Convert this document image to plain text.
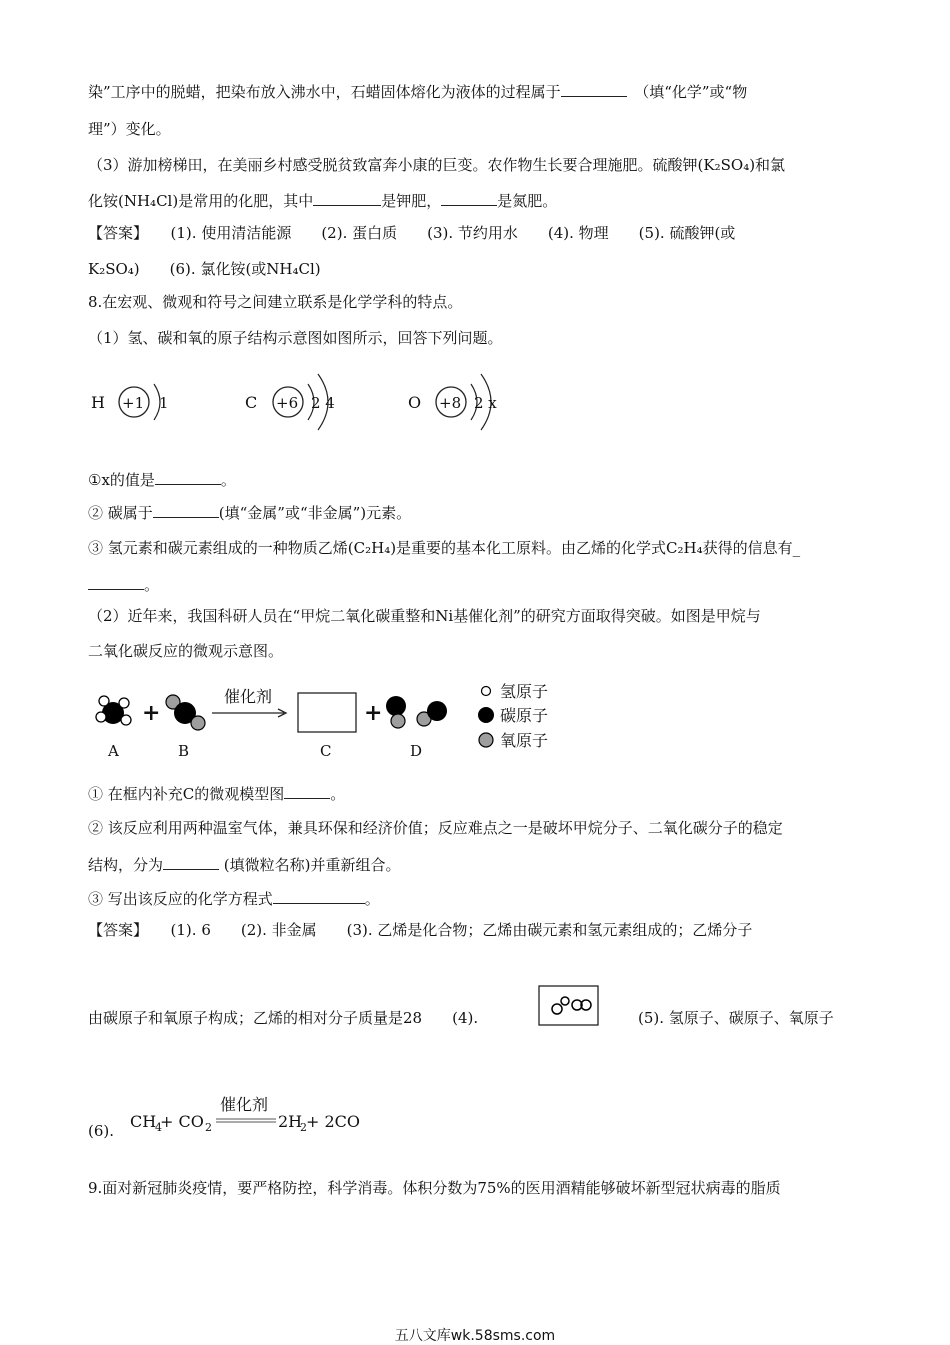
染”工序中的脱蜡，把染布放入沸水中，石蜡固体熔化为液体的过程属于　	（填“化学”或“物
理”）变化。
（3）游加榜梯田，在美丽乡村感受脱贫致富奔小康的巨变。农作物生长要合理施肥。硫酸钾(K₂SO₄)和氯
化铵(NH₄Cl)是常用的化肥，其中	是钾肥，	是氮肥。
【答案】　　 (1). 使用清洁能源　　(2). 蛋白质　　(3). 节约用水　　(4). 物理　　(5). 硫酸钾(或
K₂SO₄)　　(6). 氯化铵(或NH₄Cl)
8.在宏观、微观和符号之间建立联系是化学学科的特点。
（1）氢、碳和氧的原子结构示意图如图所示，回答下列问题。
H +1 1	C +6 2 4	O +8 2 x
①x的值是	。
② 碳属于	(填“金属”或“非金属”)元素。
③ 氢元素和碳元素组成的一种物质乙烯(C₂H₄)是重要的基本化工原料。由乙烯的化学式C₂H₄获得的信息有_
。
（2）近年来，我国科研人员在“甲烷二氧化碳重整和Ni基催化剂”的研究方面取得突破。如图是甲烷与
二氧化碳反应的微观示意图。
A
+
B
催化剂
C
+
D
氢原子
碳原子
氧原子
① 在框内补充C的微观模型图	。
② 该反应利用两种温室气体，兼具环保和经济价值；反应难点之一是破坏甲烷分子、二氧化碳分子的稳定
结构，分为	(填微粒名称)并重新组合。
③ 写出该反应的化学方程式	。
【答案】　　 (1). 6　　(2). 非金属　　(3). 乙烯是化合物；乙烯由碳元素和氢元素组成的；乙烯分子
由碳原子和氧原子构成；乙烯的相对分子质量是28　　(4).	(5). 氢原子、碳原子、氧原子
(6). CH
4
+ CO 2
催化剂
2H
2 + 2CO
9.面对新冠肺炎疫情，要严格防控，科学消毒。体积分数为75%的医用酒精能够破坏新型冠状病毒的脂质
五八文库wk.58sms.com
